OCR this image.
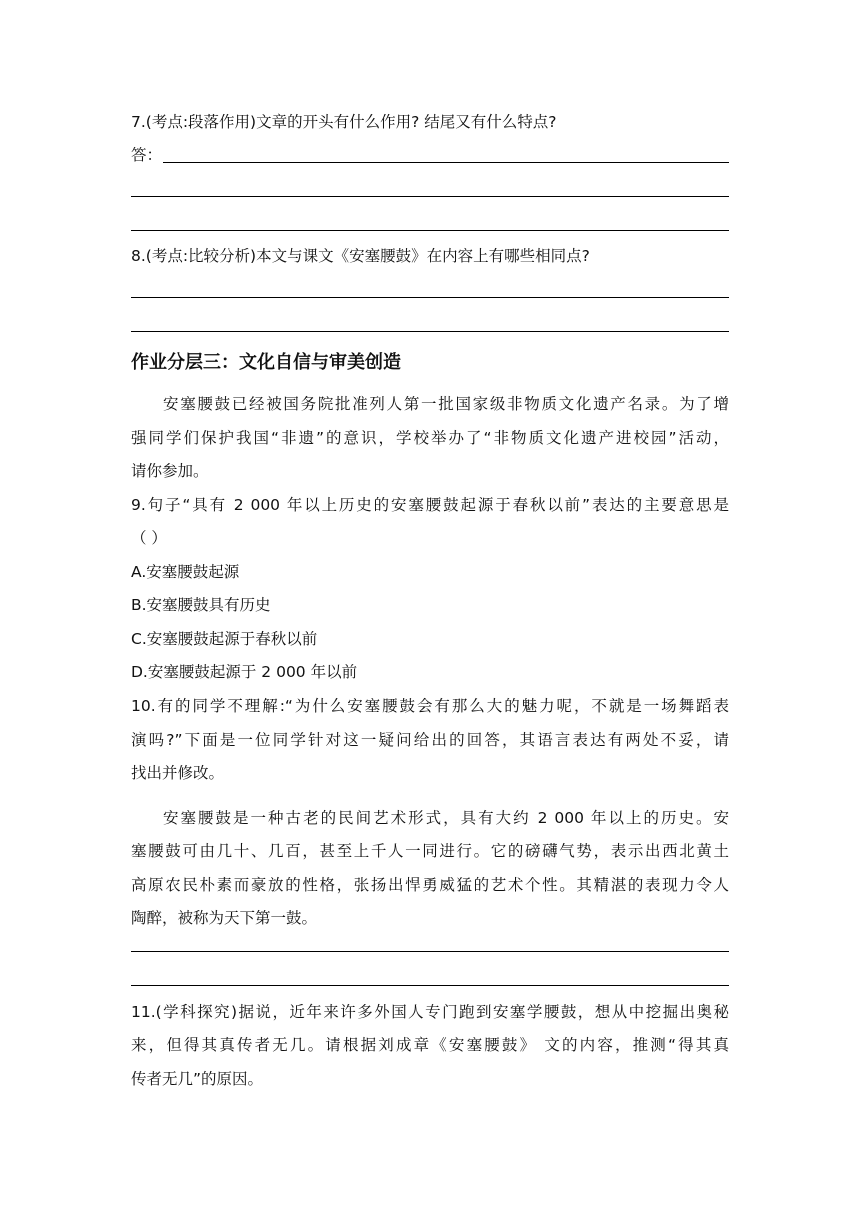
7.(考点:段落作用)文章的开头有什么作用? 结尾又有什么特点?
答：
8.(考点:比较分析)本文与课文《安塞腰鼓》在内容上有哪些相同点?
作业分层三：文化自信与审美创造
安塞腰鼓已经被国务院批准列人第一批国家级非物质文化遗产名录。为了增
强同学们保护我国“非遗”的意识，学校举办了“非物质文化遗产进校园”活动，
请你参加。
9.句子“具有 2 000 年以上历史的安塞腰鼓起源于春秋以前”表达的主要意思是
（ ）
A.安塞腰鼓起源
B.安塞腰鼓具有历史
C.安塞腰鼓起源于春秋以前
D.安塞腰鼓起源于 2 000 年以前
10.有的同学不理解:“为什么安塞腰鼓会有那么大的魅力呢，不就是一场舞蹈表
演吗?”下面是一位同学针对这一疑问给出的回答，其语言表达有两处不妥，请
找出并修改。
安塞腰鼓是一种古老的民间艺术形式，具有大约 2 000 年以上的历史。安
塞腰鼓可由几十、几百，甚至上千人一同进行。它的磅礴气势，表示出西北黄土
高原农民朴素而豪放的性格，张扬出悍勇威猛的艺术个性。其精湛的表现力令人
陶醉，被称为天下第一鼓。
11.(学科探究)据说，近年来许多外国人专门跑到安塞学腰鼓，想从中挖掘出奥秘
来，但得其真传者无几。请根据刘成章《安塞腰鼓》 文的内容，推测“得其真
传者无几”的原因。
